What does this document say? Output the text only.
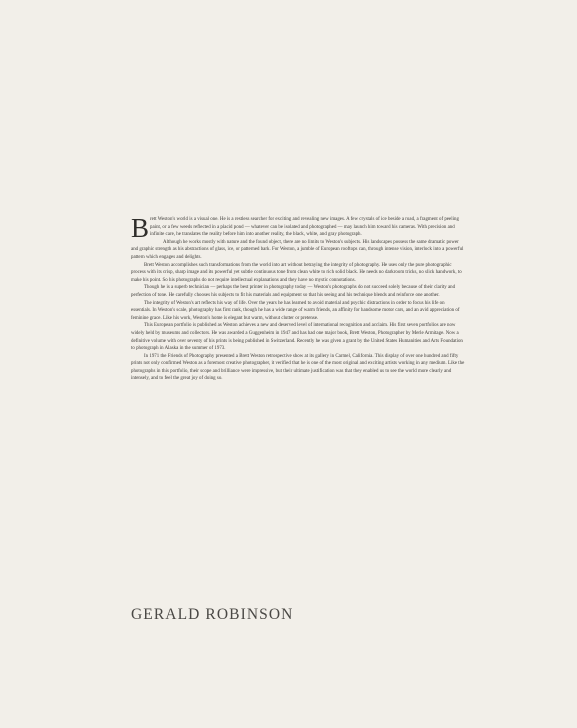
Brett Weston's world is a visual one. He is a restless searcher for exciting and revealing new images. A few crystals of ice beside a road, a fragment of peeling paint, or a few weeds reflected in a placid pond — whatever can be isolated and photographed — may launch him toward his cameras. With precision and infinite care, he translates the reality before him into another reality, the black, white, and gray photograph.

Although he works mostly with nature and the found object, there are no limits to Weston's subjects. His landscapes possess the same dramatic power and graphic strength as his abstractions of glass, ice, or patterned bark. For Weston, a jumble of European rooftops can, through intense vision, interlock into a powerful pattern which engages and delights.

Brett Weston accomplishes such transformations from the world into art without betraying the integrity of photography. He uses only the pure photographic process with its crisp, sharp image and its powerful yet subtle continuous tone from clean white to rich solid black. He needs no darkroom tricks, no slick handwork, to make his point. So his photographs do not require intellectual explanations and they have no mystic connotations.

Though he is a superb technician — perhaps the best printer in photography today — Weston's photographs do not succeed solely because of their clarity and perfection of tone. He carefully chooses his subjects to fit his materials and equipment so that his seeing and his technique blends and reinforce one another.

The integrity of Weston's art reflects his way of life. Over the years he has learned to avoid material and psychic distractions in order to focus his life on essentials. In Weston's scale, photography has first rank, though he has a wide range of warm friends, an affinity for handsome motor cars, and an avid appreciation of feminine grace. Like his work, Weston's home is elegant but warm, without clutter or pretense.

This European portfolio is published as Weston achieves a new and deserved level of international recognition and acclaim. His first seven portfolios are now widely held by museums and collectors. He was awarded a Guggenheim in 1947 and has had one major book, Brett Weston, Photographer by Merle Armitage. Now a definitive volume with over seventy of his prints is being published in Switzerland. Recently he was given a grant by the United States Humanities and Arts Foundation to photograph in Alaska in the summer of 1973.

In 1971 the Friends of Photography presented a Brett Weston retrospective show at its gallery in Carmel, California. This display of over one hundred and fifty prints not only confirmed Weston as a foremost creative photographer, it verified that he is one of the most original and exciting artists working in any medium. Like the photographs in this portfolio, their scope and brilliance were impressive, but their ultimate justification was that they enabled us to see the world more clearly and intensely, and to feel the great joy of doing so.

GERALD ROBINSON
